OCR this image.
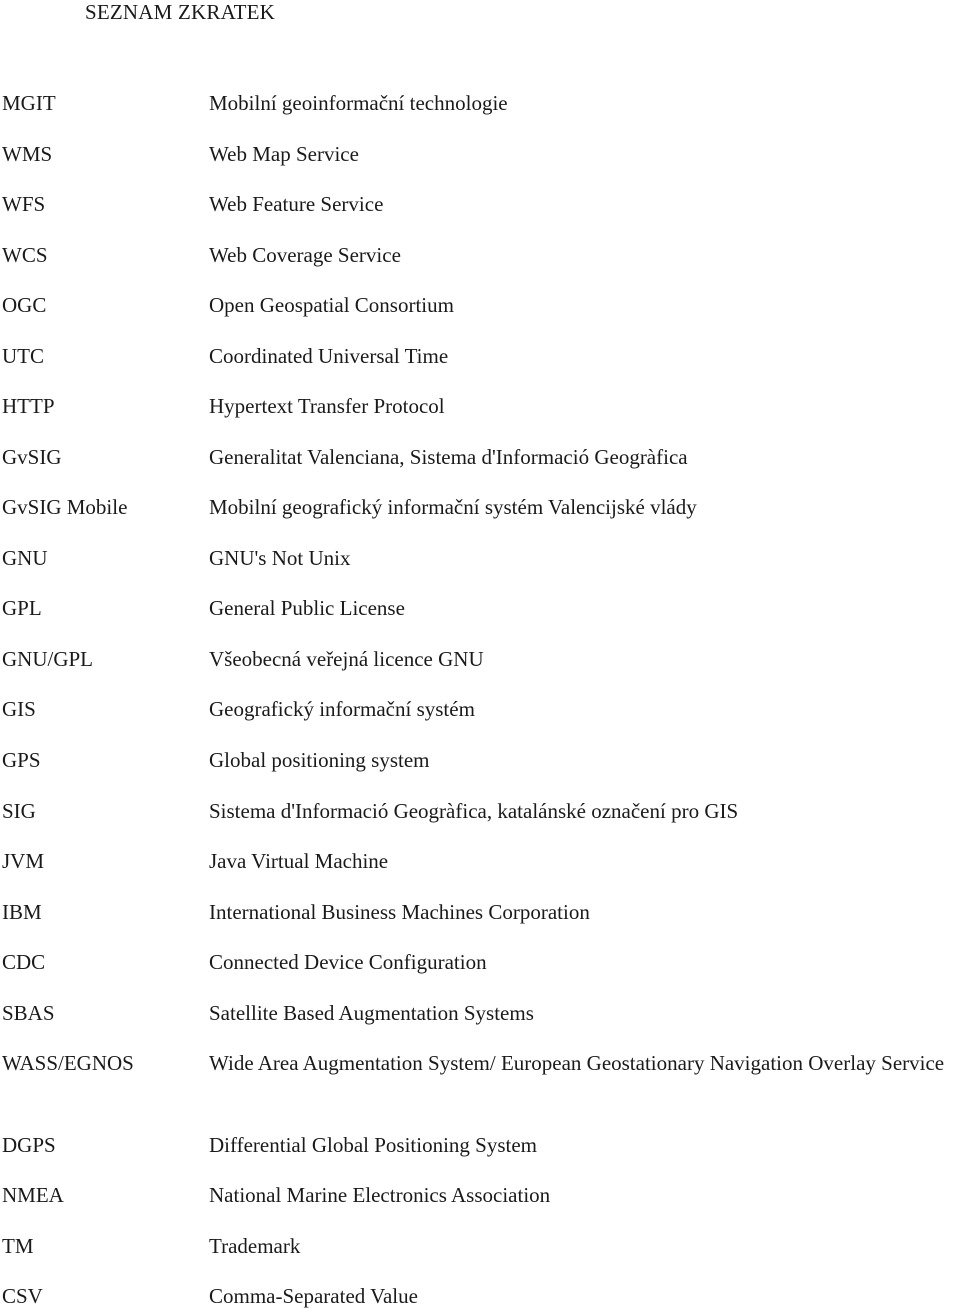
SEZNAM ZKRATEK
MGIT	Mobilní geoinformační technologie
WMS	Web Map Service
WFS	Web Feature Service
WCS	Web Coverage Service
OGC	Open Geospatial Consortium
UTC	Coordinated Universal Time
HTTP	Hypertext Transfer Protocol
GvSIG	Generalitat Valenciana, Sistema d'Informació Geogràfica
GvSIG Mobile	Mobilní geografický informační systém Valencijské vlády
GNU	GNU's Not Unix
GPL	General Public License
GNU/GPL	Všeobecná veřejná licence GNU
GIS	Geografický informační systém
GPS	Global positioning system
SIG	Sistema d'Informació Geogràfica, katalánské označení pro GIS
JVM	Java Virtual Machine
IBM	International Business Machines Corporation
CDC	Connected Device Configuration
SBAS	Satellite Based Augmentation Systems
WASS/EGNOS	Wide Area Augmentation System/ European Geostationary Navigation Overlay Service
DGPS	Differential Global Positioning System
NMEA	National Marine Electronics Association
TM	Trademark
CSV	Comma-Separated Value
